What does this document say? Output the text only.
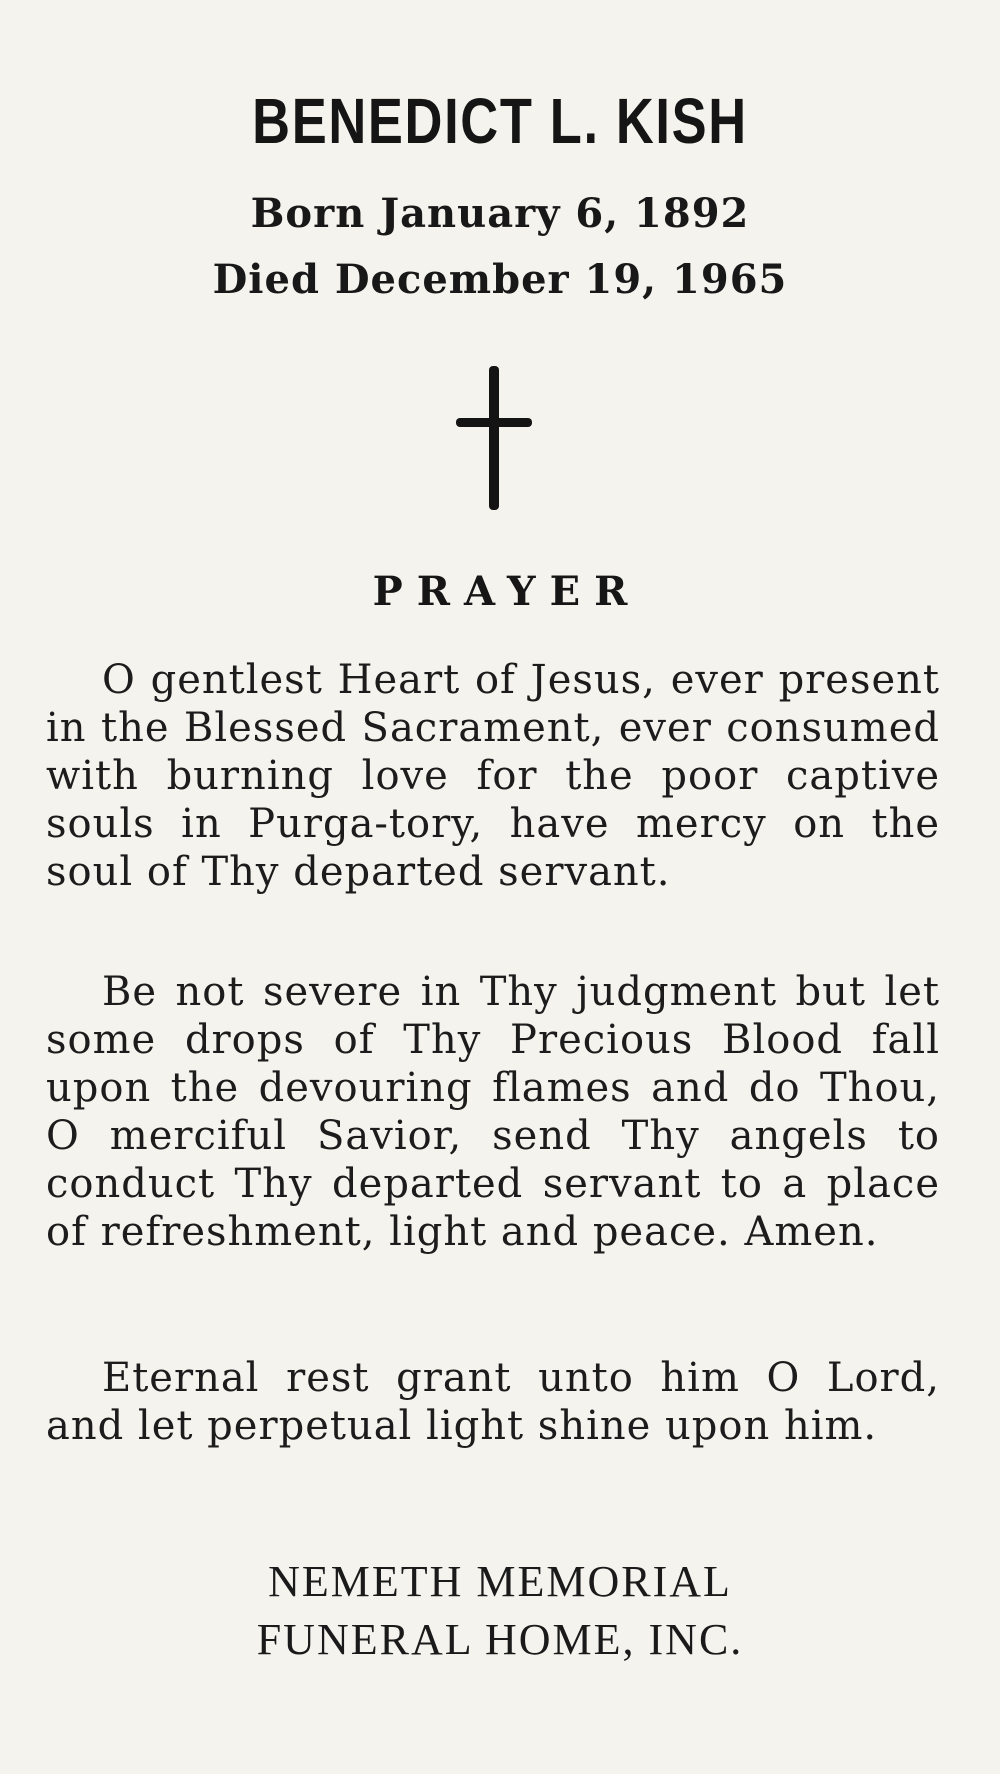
BENEDICT L. KISH
Born January 6, 1892
Died December 19, 1965
PRAYER
O gentlest Heart of Jesus, ever present in the Blessed Sacrament, ever consumed with burning love for the poor captive souls in Purga-tory, have mercy on the soul of Thy departed servant.
Be not severe in Thy judgment but let some drops of Thy Precious Blood fall upon the devouring flames and do Thou, O merciful Savior, send Thy angels to conduct Thy departed servant to a place of refreshment, light and peace. Amen.
Eternal rest grant unto him O Lord, and let perpetual light shine upon him.
NEMETH MEMORIAL
FUNERAL HOME, INC.
